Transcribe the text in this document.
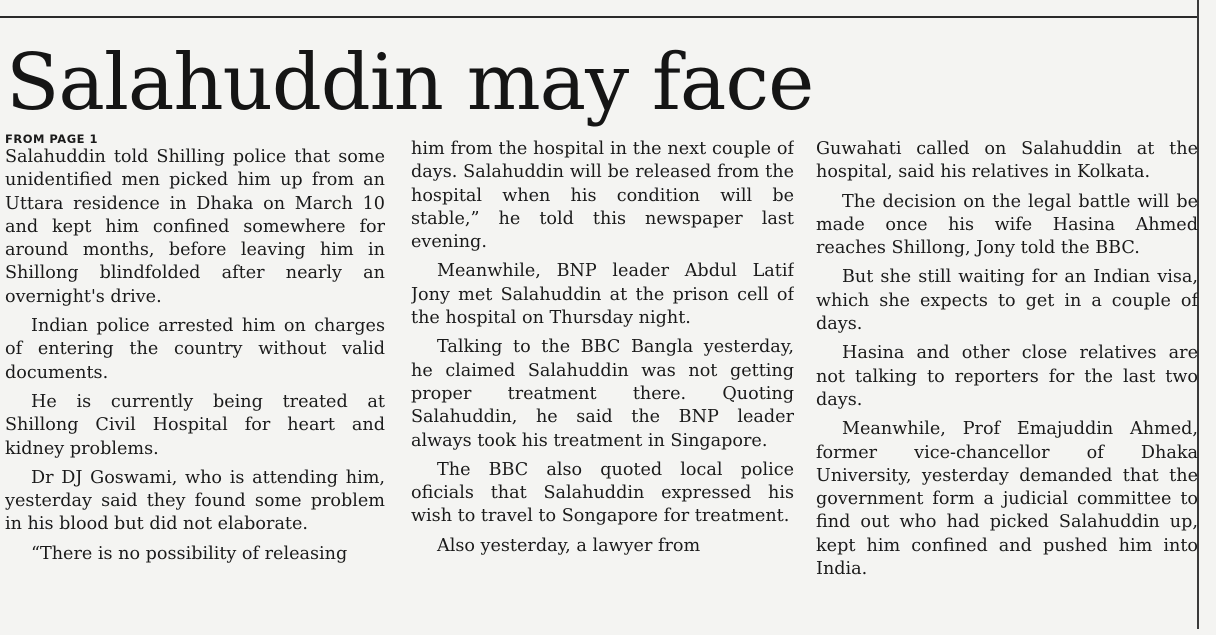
Salahuddin may face
FROM PAGE 1

Salahuddin told Shilling police that some unidentified men picked him up from an Uttara residence in Dhaka on March 10 and kept him confined somewhere for around months, before leaving him in Shillong blindfolded after nearly an overnight's drive.

Indian police arrested him on charges of entering the country without valid documents.

He is currently being treated at Shillong Civil Hospital for heart and kidney problems.

Dr DJ Goswami, who is attending him, yesterday said they found some problem in his blood but did not elaborate.

“There is no possibility of releasing

him from the hospital in the next couple of days. Salahuddin will be released from the hospital when his condition will be stable,” he told this newspaper last evening.

Meanwhile, BNP leader Abdul Latif Jony met Salahuddin at the prison cell of the hospital on Thursday night.

Talking to the BBC Bangla yesterday, he claimed Salahuddin was not getting proper treatment there. Quoting Salahuddin, he said the BNP leader always took his treatment in Singapore.

The BBC also quoted local police oficials that Salahuddin expressed his wish to travel to Songapore for treatment.

Also yesterday, a lawyer from

Guwahati called on Salahuddin at the hospital, said his relatives in Kolkata.

The decision on the legal battle will be made once his wife Hasina Ahmed reaches Shillong, Jony told the BBC.

But she still waiting for an Indian visa, which she expects to get in a couple of days.

Hasina and other close relatives are not talking to reporters for the last two days.

Meanwhile, Prof Emajuddin Ahmed, former vice-chancellor of Dhaka University, yesterday demanded that the government form a judicial committee to find out who had picked Salahuddin up, kept him confined and pushed him into India.
